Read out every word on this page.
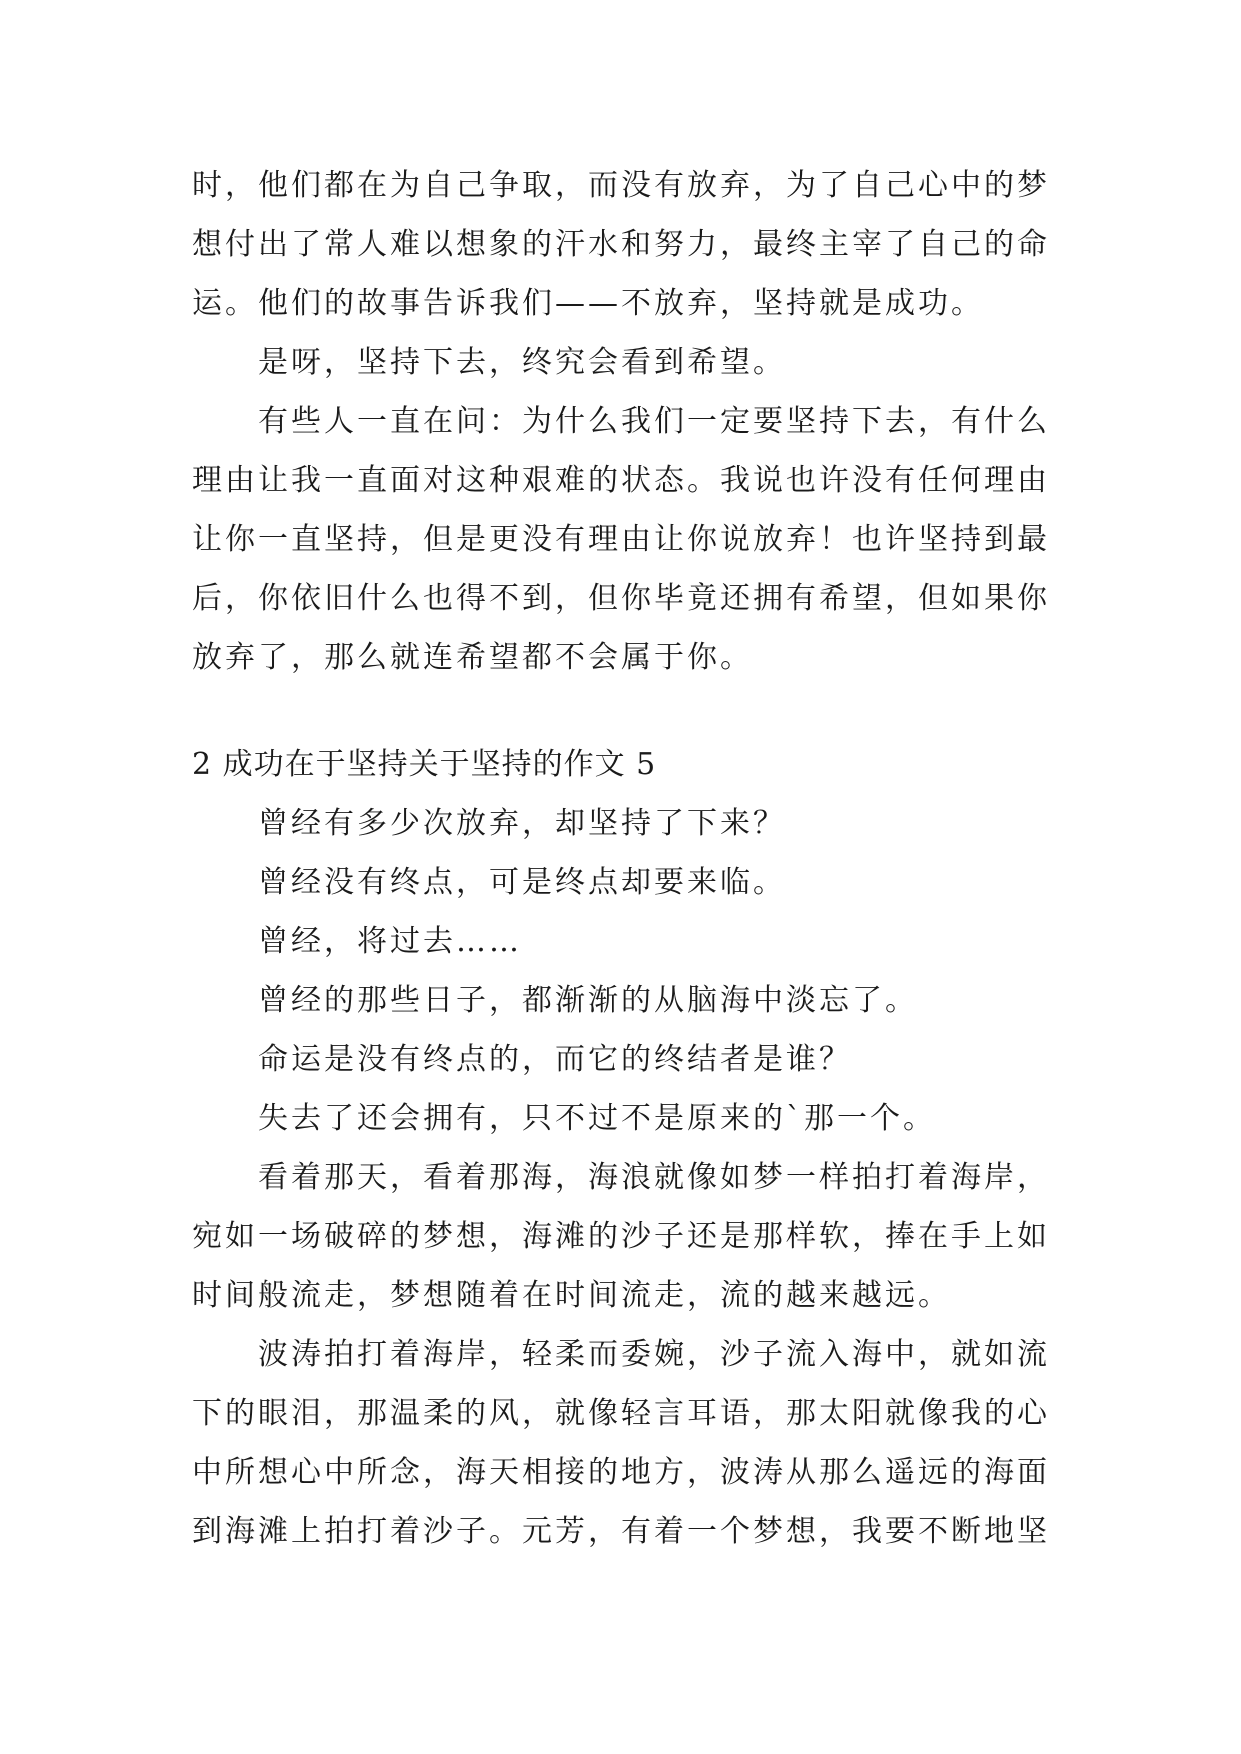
时，他们都在为自己争取，而没有放弃，为了自己心中的梦
想付出了常人难以想象的汗水和努力，最终主宰了自己的命
运。他们的故事告诉我们——不放弃，坚持就是成功。
是呀，坚持下去，终究会看到希望。
有些人一直在问：为什么我们一定要坚持下去，有什么
理由让我一直面对这种艰难的状态。我说也许没有任何理由
让你一直坚持，但是更没有理由让你说放弃！也许坚持到最
后，你依旧什么也得不到，但你毕竟还拥有希望，但如果你
放弃了，那么就连希望都不会属于你。
2 成功在于坚持关于坚持的作文 5
曾经有多少次放弃，却坚持了下来？
曾经没有终点，可是终点却要来临。
曾经，将过去……
曾经的那些日子，都渐渐的从脑海中淡忘了。
命运是没有终点的，而它的终结者是谁？
失去了还会拥有，只不过不是原来的`那一个。
看着那天，看着那海，海浪就像如梦一样拍打着海岸，
宛如一场破碎的梦想，海滩的沙子还是那样软，捧在手上如
时间般流走，梦想随着在时间流走，流的越来越远。
波涛拍打着海岸，轻柔而委婉，沙子流入海中，就如流
下的眼泪，那温柔的风，就像轻言耳语，那太阳就像我的心
中所想心中所念，海天相接的地方，波涛从那么遥远的海面
到海滩上拍打着沙子。元芳，有着一个梦想，我要不断地坚
